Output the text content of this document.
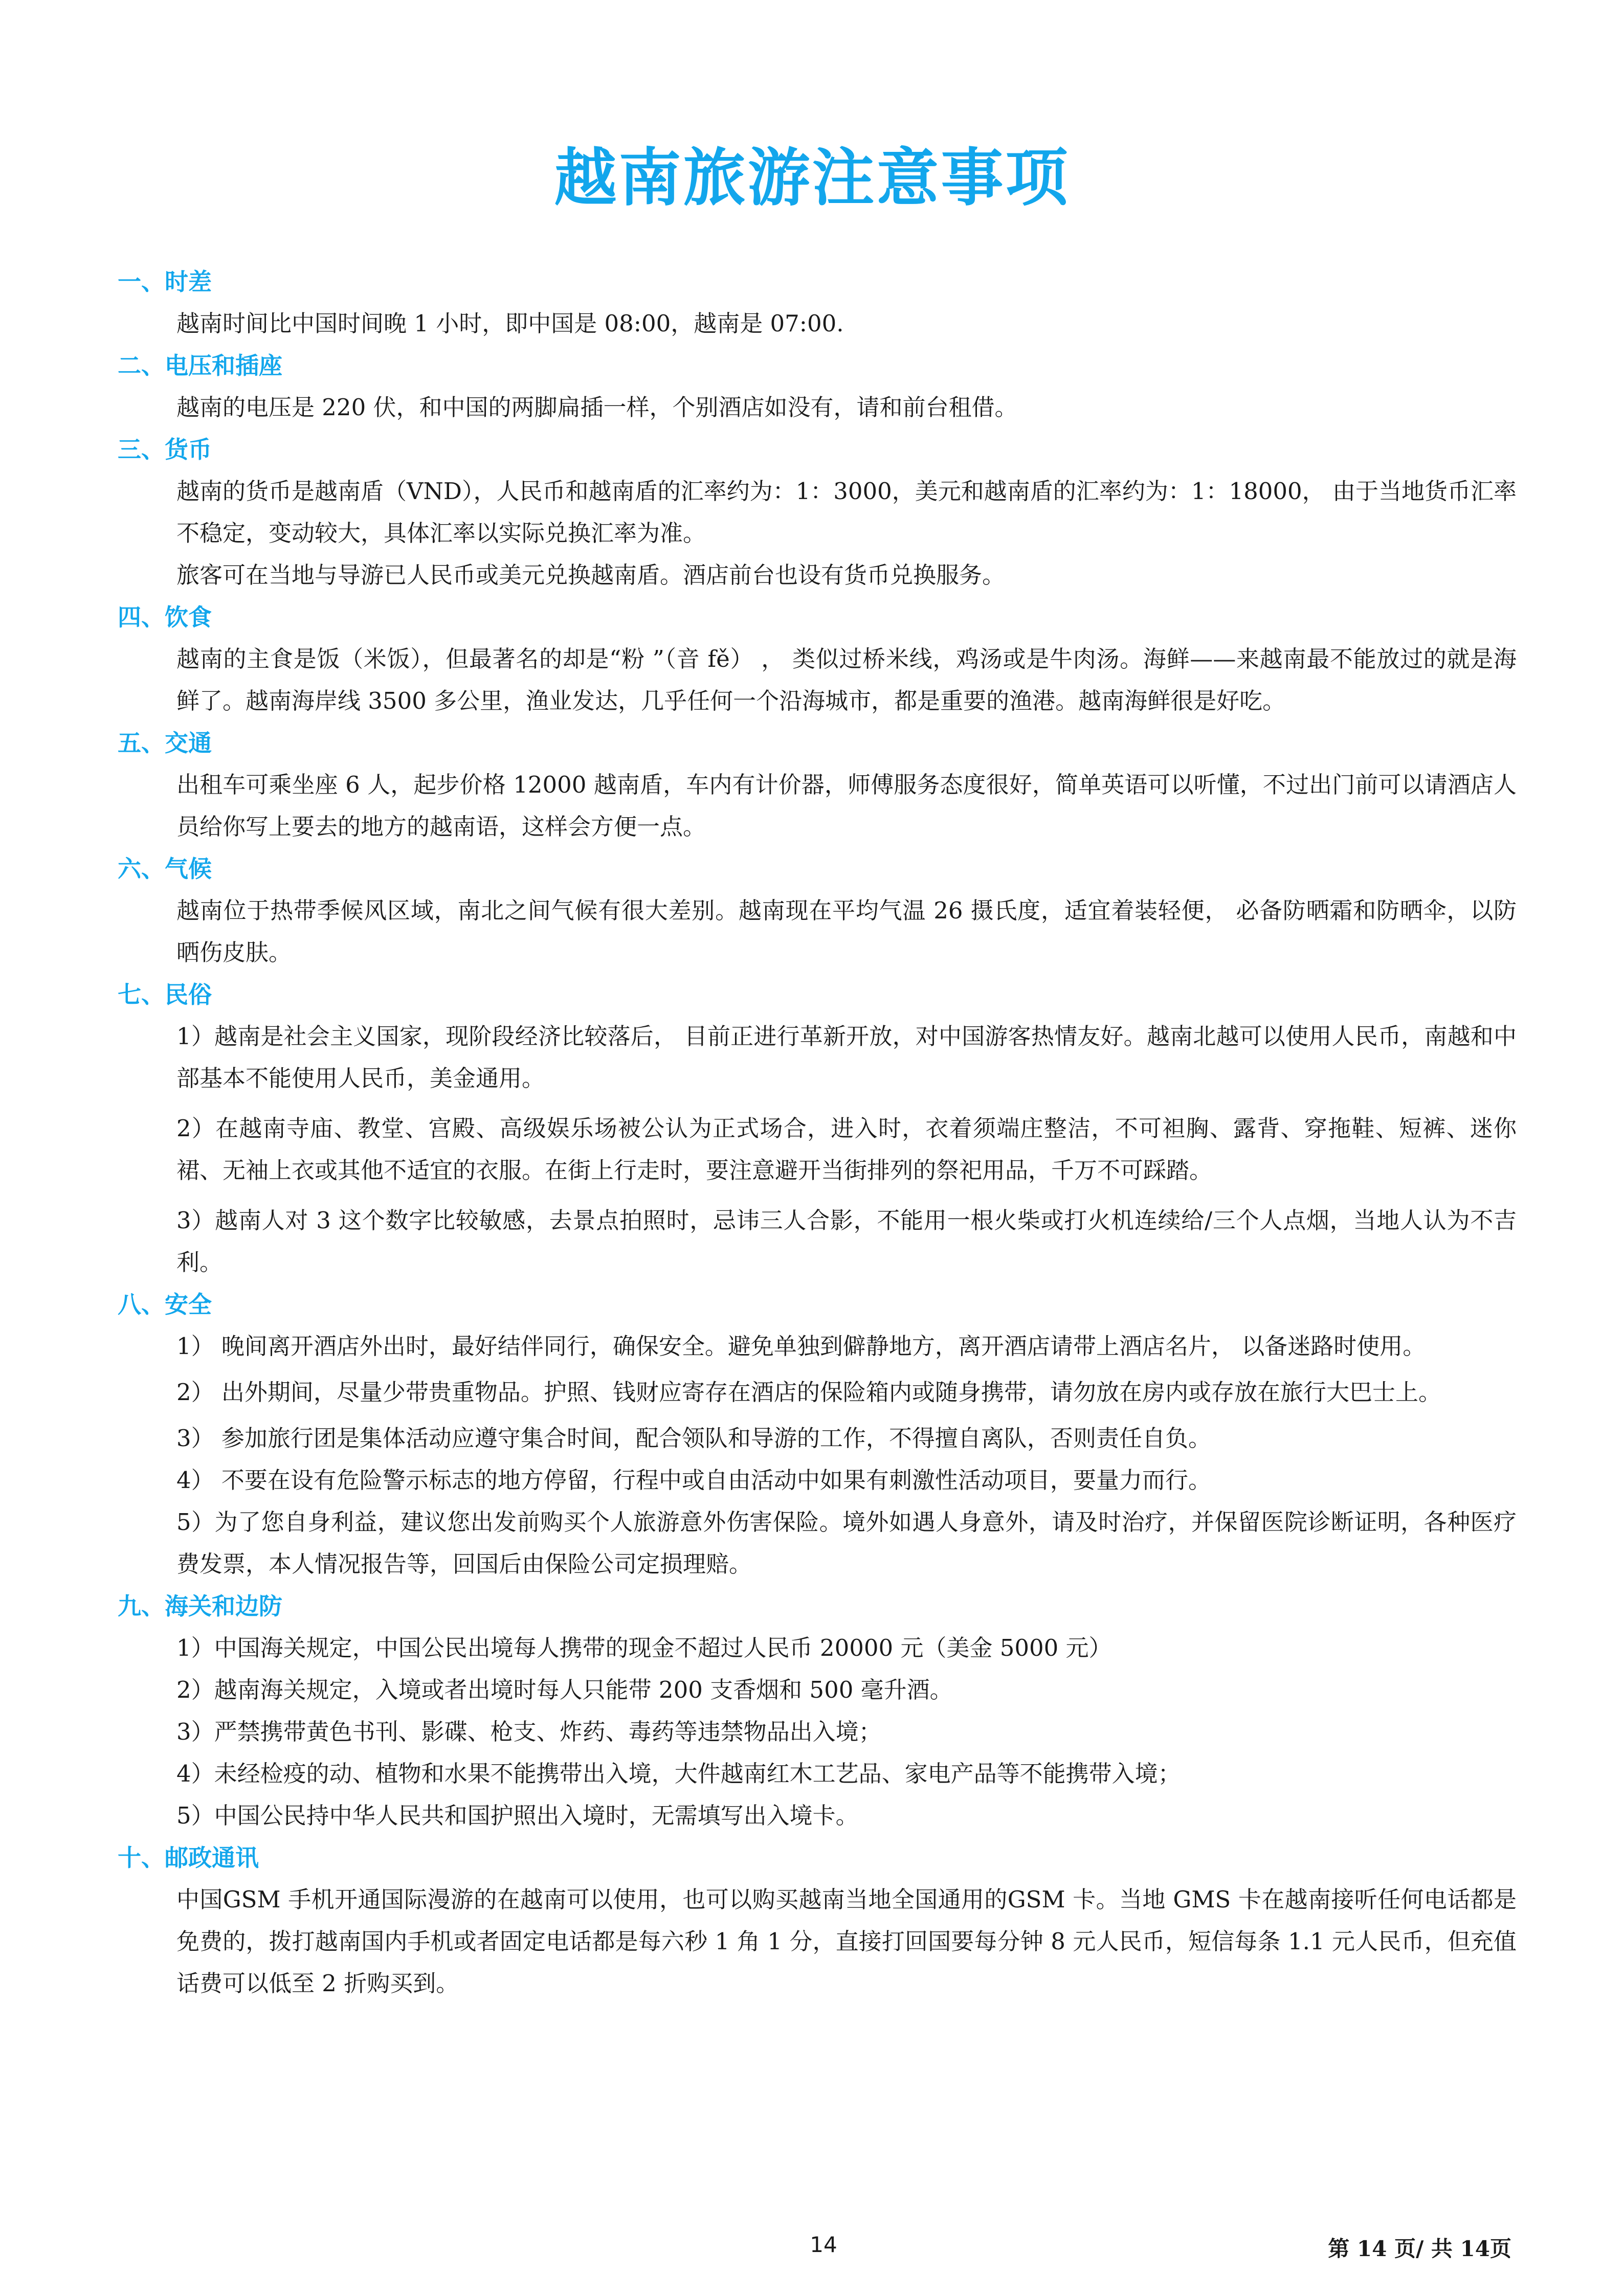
越南旅游注意事项
一、时差
越南时间比中国时间晚 1 小时，即中国是 08:00，越南是 07:00.
二、电压和插座
越南的电压是 220 伏，和中国的两脚扁插一样，个别酒店如没有，请和前台租借。
三、货币
越南的货币是越南盾（VND），人民币和越南盾的汇率约为：1：3000，美元和越南盾的汇率约为：1：18000， 由于当地货币汇率不稳定，变动较大，具体汇率以实际兑换汇率为准。
旅客可在当地与导游已人民币或美元兑换越南盾。酒店前台也设有货币兑换服务。
四、饮食
越南的主食是饭（米饭），但最著名的却是“粉 ”（音 fě） ， 类似过桥米线，鸡汤或是牛肉汤。海鲜——来越南最不能放过的就是海鲜了。越南海岸线 3500 多公里，渔业发达，几乎任何一个沿海城市，都是重要的渔港。越南海鲜很是好吃。
五、交通
出租车可乘坐座 6 人，起步价格 12000 越南盾，车内有计价器，师傅服务态度很好，简单英语可以听懂，不过出门前可以请酒店人员给你写上要去的地方的越南语，这样会方便一点。
六、气候
越南位于热带季候风区域，南北之间气候有很大差别。越南现在平均气温 26 摄氏度，适宜着装轻便， 必备防晒霜和防晒伞，以防晒伤皮肤。
七、民俗
1）越南是社会主义国家，现阶段经济比较落后， 目前正进行革新开放，对中国游客热情友好。越南北越可以使用人民币，南越和中部基本不能使用人民币，美金通用。
2）在越南寺庙、教堂、宫殿、高级娱乐场被公认为正式场合，进入时，衣着须端庄整洁，不可袒胸、露背、穿拖鞋、短裤、迷你裙、无袖上衣或其他不适宜的衣服。在街上行走时，要注意避开当街排列的祭祀用品，千万不可踩踏。
3）越南人对 3 这个数字比较敏感，去景点拍照时，忌讳三人合影，不能用一根火柴或打火机连续给/三个人点烟，当地人认为不吉利。
八、安全
1） 晚间离开酒店外出时，最好结伴同行，确保安全。避免单独到僻静地方，离开酒店请带上酒店名片， 以备迷路时使用。
2） 出外期间，尽量少带贵重物品。护照、钱财应寄存在酒店的保险箱内或随身携带，请勿放在房内或存放在旅行大巴士上。
3） 参加旅行团是集体活动应遵守集合时间，配合领队和导游的工作，不得擅自离队，否则责任自负。
4） 不要在设有危险警示标志的地方停留，行程中或自由活动中如果有刺激性活动项目，要量力而行。
5）为了您自身利益，建议您出发前购买个人旅游意外伤害保险。境外如遇人身意外，请及时治疗，并保留医院诊断证明，各种医疗费发票，本人情况报告等，回国后由保险公司定损理赔。
九、海关和边防
1）中国海关规定，中国公民出境每人携带的现金不超过人民币 20000 元（美金 5000 元）
2）越南海关规定，入境或者出境时每人只能带 200 支香烟和 500 毫升酒。
3）严禁携带黄色书刊、影碟、枪支、炸药、毒药等违禁物品出入境；
4）未经检疫的动、植物和水果不能携带出入境，大件越南红木工艺品、家电产品等不能携带入境；
5）中国公民持中华人民共和国护照出入境时，无需填写出入境卡。
十、邮政通讯
中国GSM 手机开通国际漫游的在越南可以使用，也可以购买越南当地全国通用的GSM 卡。当地 GMS 卡在越南接听任何电话都是免费的，拨打越南国内手机或者固定电话都是每六秒 1 角 1 分，直接打回国要每分钟 8 元人民币，短信每条 1.1 元人民币，但充值话费可以低至 2 折购买到。
14	第 14 页/ 共 14页
